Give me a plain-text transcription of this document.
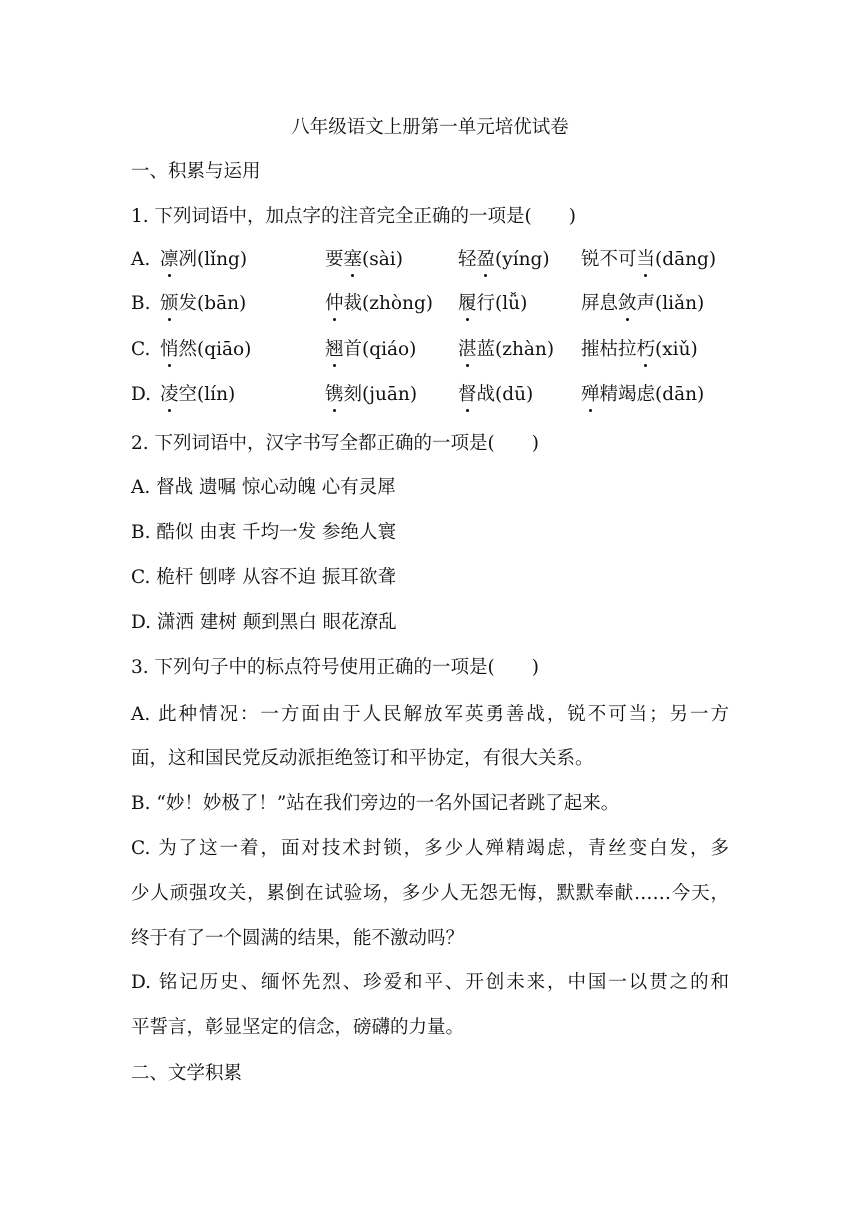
八年级语文上册第一单元培优试卷
一、积累与运用
1. 下列词语中，加点字的注音完全正确的一项是(　　)
A. 凛冽(lǐng)	要塞(sài)	轻盈(yíng) 锐不可当(dāng)
B. 颁发(bān)	仲裁(zhòng) 履行(lǚ)	屏息敛声(liǎn)
C. 悄然(qiāo)	翘首(qiáo) 湛蓝(zhàn) 摧枯拉朽(xiǔ)
D. 凌空(lín)	镌刻(juān) 督战(dū)	殚精竭虑(dān)
2. 下列词语中，汉字书写全都正确的一项是(　　)
A. 督战 遗嘱 惊心动魄 心有灵犀
B. 酷似 由衷 千均一发 参绝人寰
C. 桅杆 刨哮 从容不迫 振耳欲聋
D. 潇洒 建树 颠到黑白 眼花潦乱
3. 下列句子中的标点符号使用正确的一项是(　　)
A. 此种情况：一方面由于人民解放军英勇善战，锐不可当；另一方
面，这和国民党反动派拒绝签订和平协定，有很大关系。
B. “妙！妙极了！”站在我们旁边的一名外国记者跳了起来。
C. 为了这一着，面对技术封锁，多少人殚精竭虑，青丝变白发，多
少人顽强攻关，累倒在试验场，多少人无怨无悔，默默奉献……今天，
终于有了一个圆满的结果，能不激动吗？
D. 铭记历史、缅怀先烈、珍爱和平、开创未来，中国一以贯之的和
平誓言，彰显坚定的信念，磅礴的力量。
二、文学积累
